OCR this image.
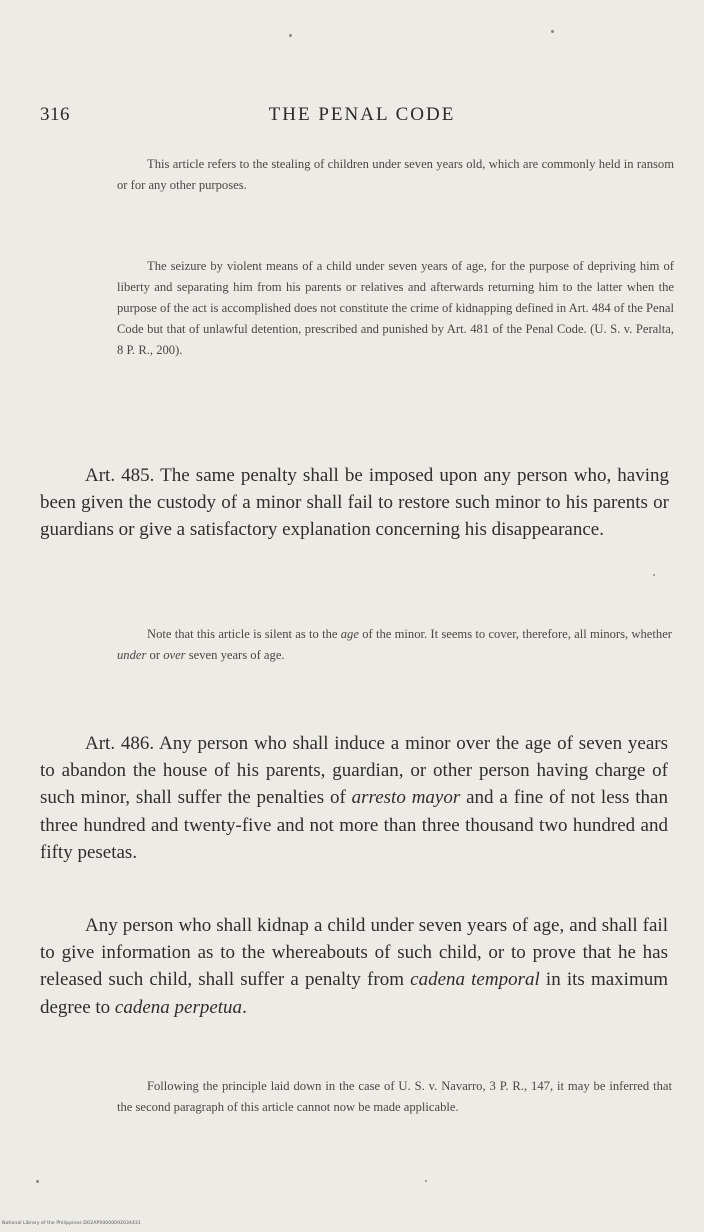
316	THE PENAL CODE

This article refers to the stealing of children under seven years old, which are commonly held in ransom or for any other purposes.

The seizure by violent means of a child under seven years of age, for the purpose of depriving him of liberty and separating him from his parents or relatives and afterwards returning him to the latter when the purpose of the act is accomplished does not constitute the crime of kidnapping defined in Art. 484 of the Penal Code but that of unlawful detention, prescribed and punished by Art. 481 of the Penal Code. (U. S. v. Peralta, 8 P. R., 200).

Art. 485. The same penalty shall be imposed upon any person who, having been given the custody of a minor shall fail to restore such minor to his parents or guardians or give a satisfactory explanation concerning his disappearance.

Note that this article is silent as to the age of the minor. It seems to cover, therefore, all minors, whether under or over seven years of age.

Art. 486. Any person who shall induce a minor over the age of seven years to abandon the house of his parents, guardian, or other person having charge of such minor, shall suffer the penalties of arresto mayor and a fine of not less than three hundred and twenty-five and not more than three thousand two hundred and fifty pesetas.

Any person who shall kidnap a child under seven years of age, and shall fail to give information as to the whereabouts of such child, or to prove that he has released such child, shall suffer a penalty from cadena temporal in its maximum degree to cadena perpetua.

Following the principle laid down in the case of U. S. v. Navarro, 3 P. R., 147, it may be inferred that the second paragraph of this article cannot now be made applicable.

National Library of the Philippines DO2AP00000092034431
